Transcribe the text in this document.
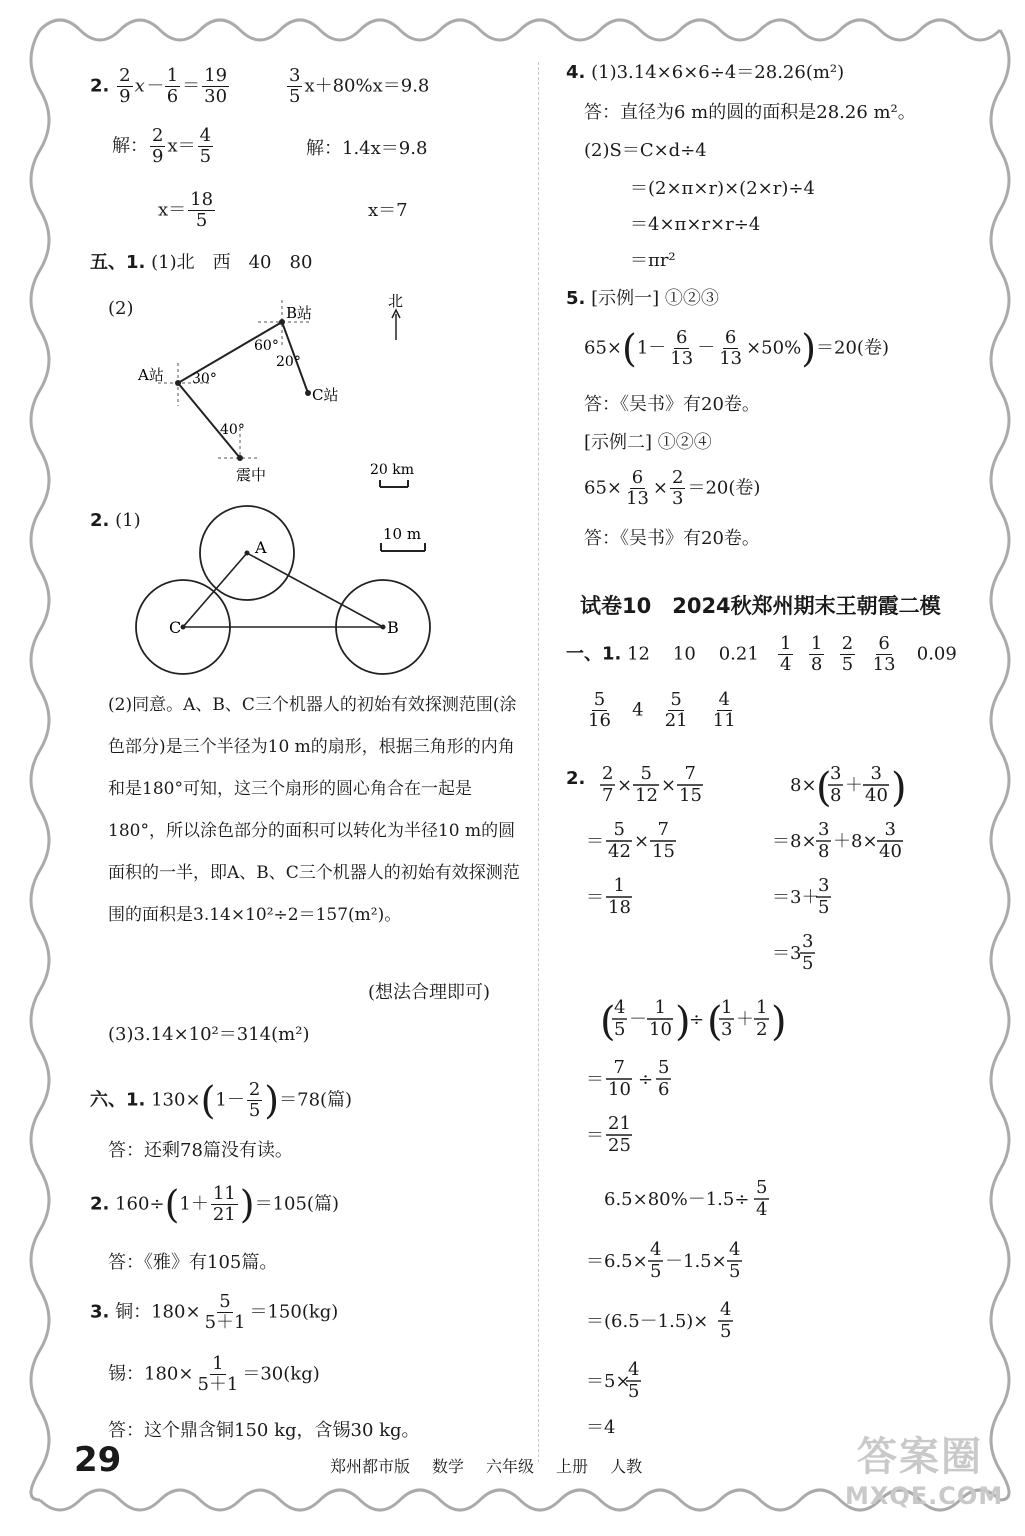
2. $\frac{2}{9} x- \frac{1}{6} = \frac{19}{30}$	$\frac{3}{5} x+80\%x=9.8$
解： $\frac{2}{9} x= \frac{4}{5}$	解：1.4x＝9.8
$x= \frac{18}{5}$	x＝7
五、1. (1)北　西　40　80
(2)	B站
A站
C站
震中
北
60°
20°
30°
40°
20 km
2. (1)
A
C	B
10 m
(2)同意。A、B、C三个机器人的初始有效探测范围(涂色部分)是三个半径为10 m的扇形，根据三角形的内角和是180°可知，这三个扇形的圆心角合在一起是180°，所以涂色部分的面积可以转化为半径10 m的圆面积的一半，即A、B、C三个机器人的初始有效探测范围的面积是3.14×10²÷2＝157(m²)。
(想法合理即可)
(3)3.14×10²＝314(m²)
六、1. $130\times(1- \frac{2}{5} )=78$(篇)
答：还剩78篇没有读。
2. $160\div(1+ \frac{11}{21} )=105$(篇)
答：《雅》有105篇。
3. 铜：$180\times \frac{5}{5+1} =150(kg)$
锡：$180\times \frac{1}{5+1} =30(kg)$
答：这个鼎含铜150 kg，含锡30 kg。
4. (1)3.14×6×6÷4＝28.26(m²)
答：直径为6 m的圆的面积是28.26 m²。
(2)S＝C×d÷4
＝(2×π×r)×(2×r)÷4
＝4×π×r×r÷4
＝πr²
5. [示例一] ①②③
$65\times(1- \frac{6}{13} - \frac{6}{13} \times 50\%)=20$(卷)
答：《吴书》有20卷。
[示例二] ①②④
$65\times \frac{6}{13} \times \frac{2}{3} =20$(卷)
答：《吴书》有20卷。
试卷10　2024秋郑州期末王朝霞二模
一、1. 12 10 $0.21 \frac{1}{4}$
$\frac{1}{8}$
$\frac{2}{5}$
$\frac{6}{13} 0.09$
$\frac{5}{16} 4 \frac{5}{21}$
$\frac{4}{11}$
2. 2
7 ×
5
12 ×
7
15
＝
5
42 ×
7
15
＝
1
18
8× (
3
8 ＋
3
40 )
＝8×
3
8 ＋8×
3
40
＝3＋
3
5
＝3
3
5
(
4
5 －
1
10 )
÷ (
1
3 ＋
1
2 )
＝
7
10 ÷
5
6
＝
21
25
6.5×80%－1.5÷
5
4
＝6.5×
4
5 －1.5×
4
5
＝(6.5－1.5)×
4
5
＝5×
4
5
＝4
29	郑州都市版 数学 六年级 上册 人教	答案圈
MXQE.COM
